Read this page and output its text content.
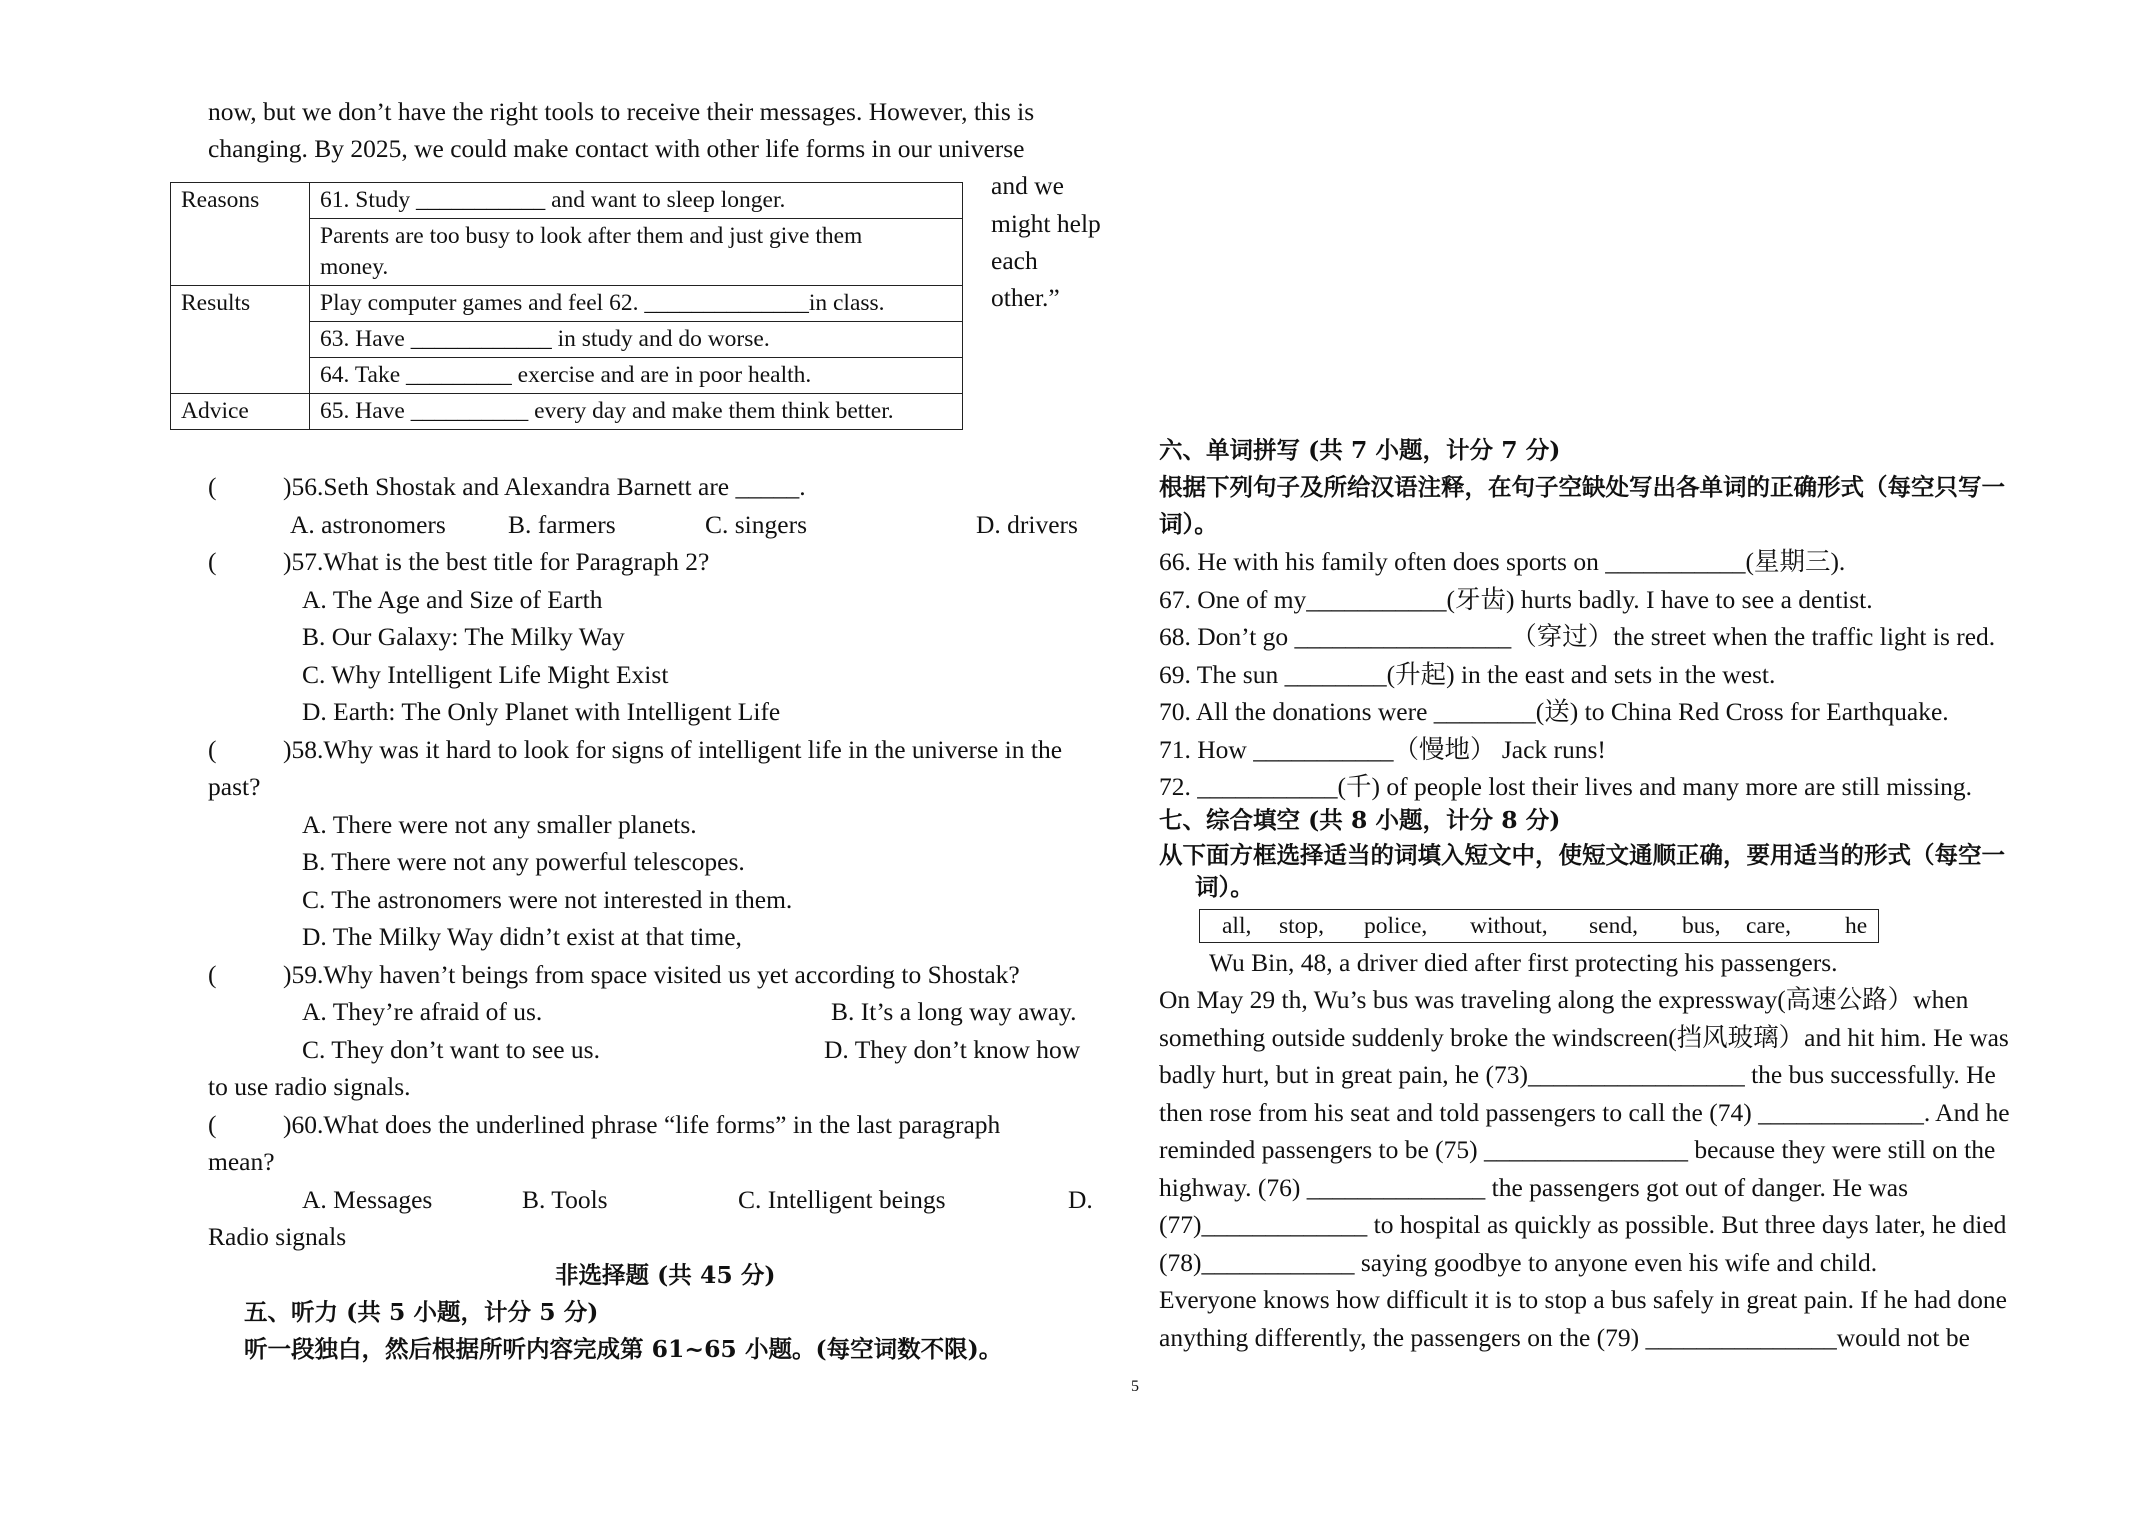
now, but we don’t have the right tools to receive their messages. However, this is
changing. By 2025, we could make contact with other life forms in our universe
Reasons	61. Study ___________ and want to sleep longer.
	Parents are too busy to look after them and just give them
money.
Results	Play computer games and feel 62. ______________in class.
	63. Have ____________ in study and do worse.
	64. Take _________ exercise and are in poor health.
Advice	65. Have __________ every day and make them think better.
and we
might help
each
other.”
(	)56.Seth Shostak and Alexandra Barnett are _____.
A. astronomers B. farmers	C. singers	D. drivers
(	)57.What is the best title for Paragraph 2?
A. The Age and Size of Earth
B. Our Galaxy: The Milky Way
C. Why Intelligent Life Might Exist
D. Earth: The Only Planet with Intelligent Life
(	)58.Why was it hard to look for signs of intelligent life in the universe in the
past?
A. There were not any smaller planets.
B. There were not any powerful telescopes.
C. The astronomers were not interested in them.
D. The Milky Way didn’t exist at that time,
(	)59.Why haven’t beings from space visited us yet according to Shostak?
A. They’re afraid of us.	B. It’s a long way away.
C. They don’t want to see us.	D. They don’t know how
to use radio signals.
(	)60.What does the underlined phrase “life forms” in the last paragraph
mean?
A. Messages	B. Tools	C. Intelligent beings	D.
Radio signals
非选择题 (共 45 分)
五、听力 (共 5 小题，计分 5 分)
听一段独白，然后根据所听内容完成第 61~65 小题。(每空词数不限)。
六、单词拼写 (共 7 小题，计分 7 分)
根据下列句子及所给汉语注释，在句子空缺处写出各单词的正确形式（每空只写一
词）。
66. He with his family often does sports on ___________(星期三).
67. One of my___________(牙齿) hurts badly. I have to see a dentist.
68. Don’t go _________________（穿过）the street when the traffic light is red.
69. The sun ________(升起) in the east and sets in the west.
70. All the donations were ________(送) to China Red Cross for Earthquake.
71. How ___________（慢地） Jack runs!
72. ___________(千) of people lost their lives and many more are still missing.
七、综合填空 (共 8 小题，计分 8 分)
从下面方框选择适当的词填入短文中，使短文通顺正确，要用适当的形式（每空一
词）。
all, stop, police, without, send, bus, care, he
Wu Bin, 48, a driver died after first protecting his passengers.
On May 29 th, Wu’s bus was traveling along the expressway(高速公路）when
something outside suddenly broke the windscreen(挡风玻璃）and hit him. He was
badly hurt, but in great pain, he (73)_________________ the bus successfully. He
then rose from his seat and told passengers to call the (74) _____________. And he
reminded passengers to be (75) ________________ because they were still on the
highway. (76) ______________ the passengers got out of danger. He was
(77)_____________ to hospital as quickly as possible. But three days later, he died
(78)____________ saying goodbye to anyone even his wife and child.
Everyone knows how difficult it is to stop a bus safely in great pain. If he had done
anything differently, the passengers on the (79) _______________would not be
5
